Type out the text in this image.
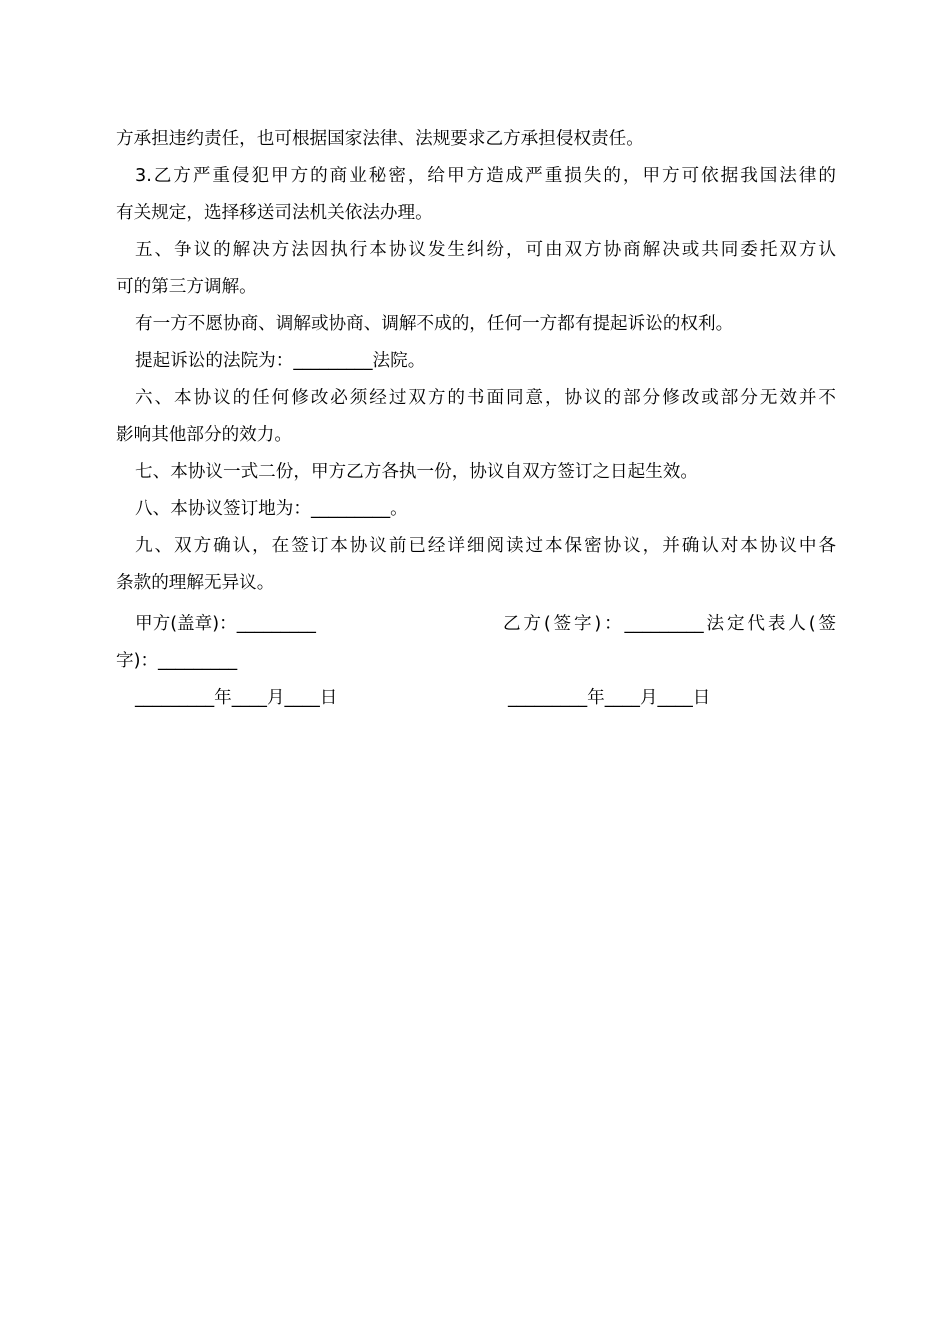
方承担违约责任，也可根据国家法律、法规要求乙方承担侵权责任。
3.乙方严重侵犯甲方的商业秘密，给甲方造成严重损失的，甲方可依据我国法律的
有关规定，选择移送司法机关依法办理。
五、争议的解决方法因执行本协议发生纠纷，可由双方协商解决或共同委托双方认
可的第三方调解。
有一方不愿协商、调解或协商、调解不成的，任何一方都有提起诉讼的权利。
提起诉讼的法院为：_________法院。
六、本协议的任何修改必须经过双方的书面同意，协议的部分修改或部分无效并不
影响其他部分的效力。
七、本协议一式二份，甲方乙方各执一份，协议自双方签订之日起生效。
八、本协议签订地为：_________。
九、双方确认，在签订本协议前已经详细阅读过本保密协议，并确认对本协议中各
条款的理解无异议。
甲方(盖章)：_________	乙方(签字)：_________法定代表人(签
字)：_________
_________年____月____日	_________年____月____日
